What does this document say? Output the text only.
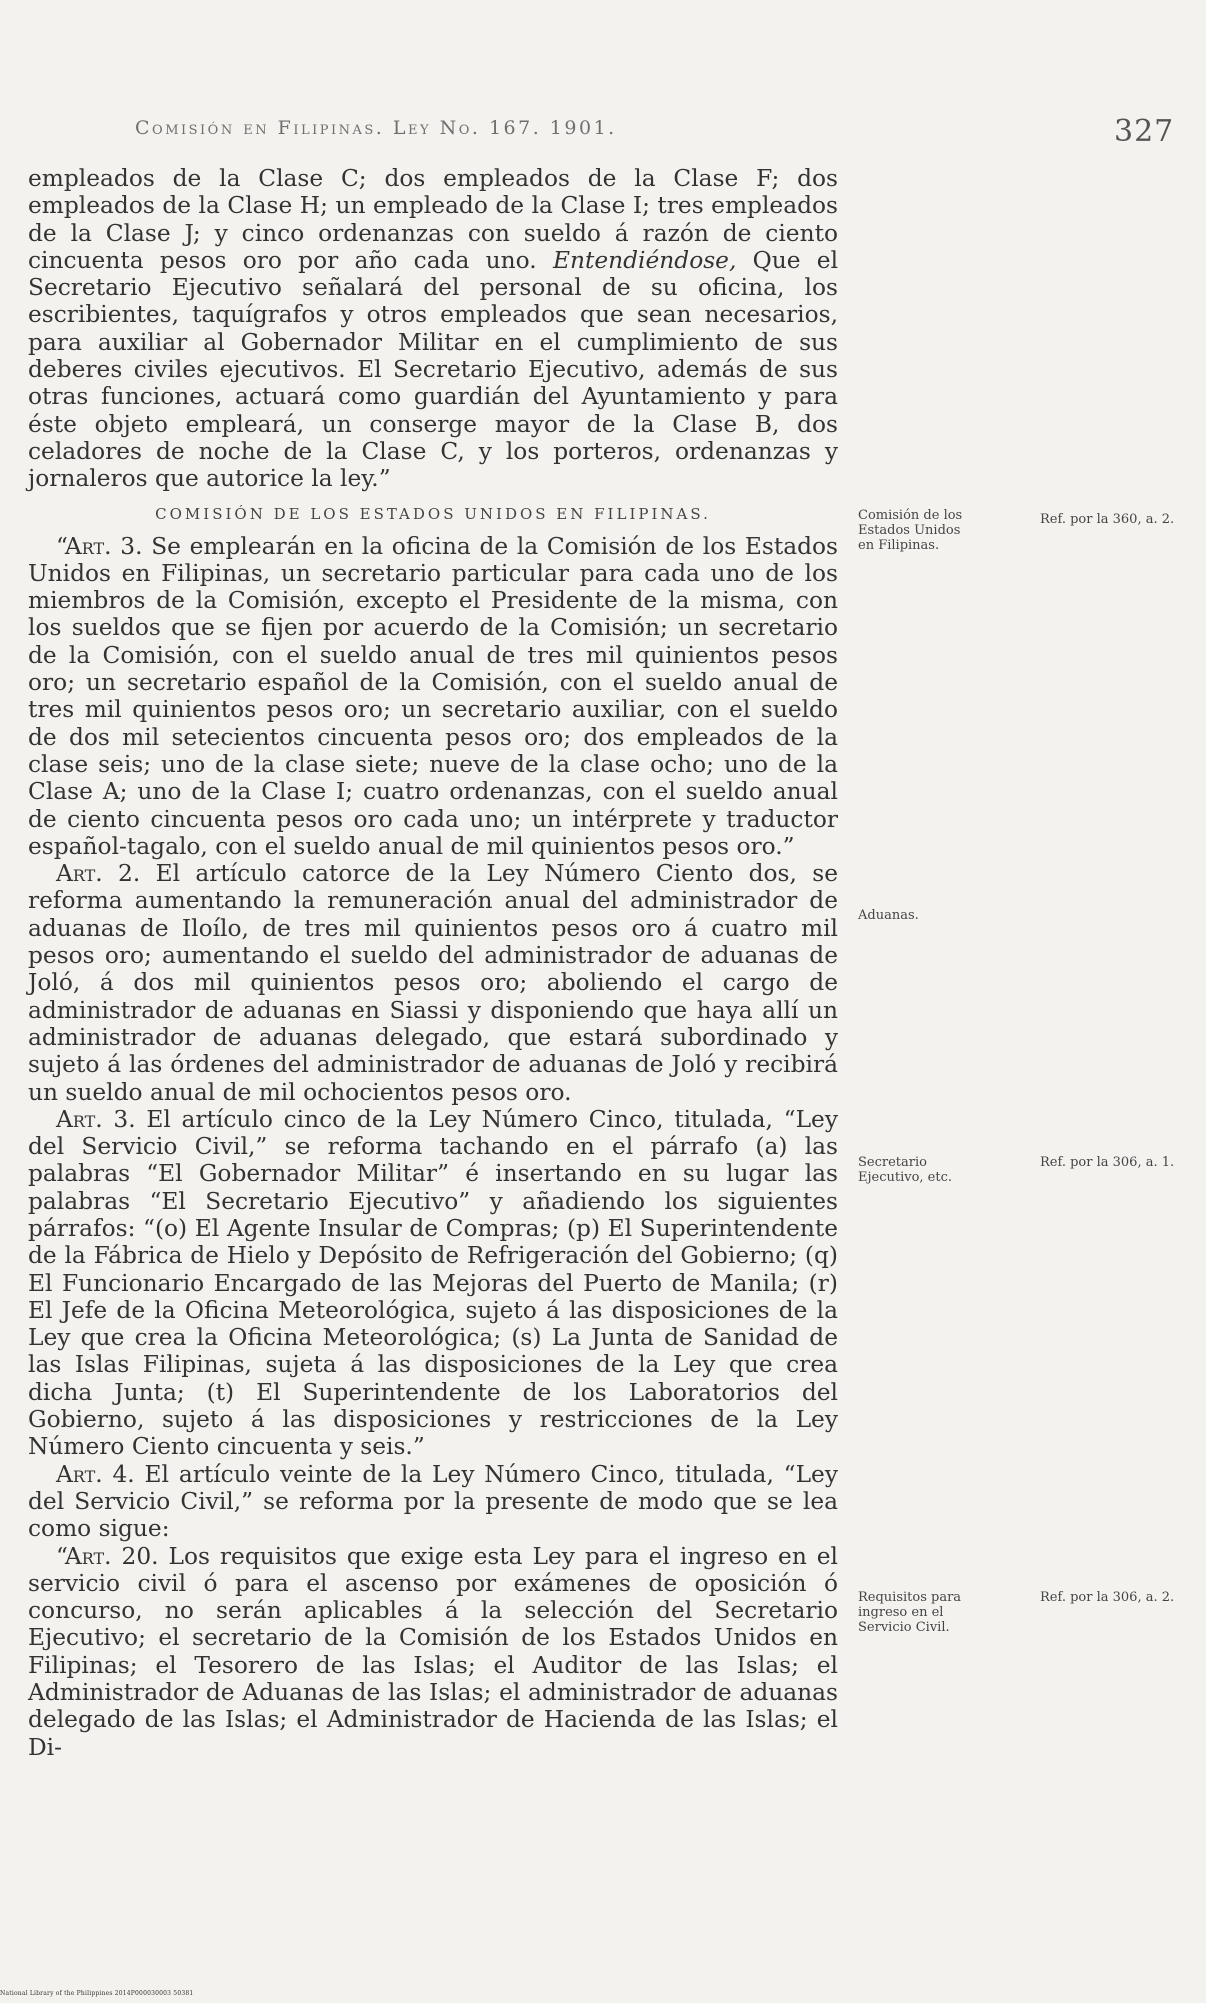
Comisión en Filipinas. Ley No. 167. 1901.	327

empleados de la Clase C; dos empleados de la Clase F; dos empleados de la Clase H; un empleado de la Clase I; tres empleados de la Clase J; y cinco ordenanzas con sueldo á razón de ciento cincuenta pesos oro por año cada uno. Entendiéndose, Que el Secretario Ejecutivo señalará del personal de su oficina, los escribientes, taquígrafos y otros empleados que sean necesarios, para auxiliar al Gobernador Militar en el cumplimiento de sus deberes civiles ejecutivos. El Secretario Ejecutivo, además de sus otras funciones, actuará como guardián del Ayuntamiento y para éste objeto empleará, un conserge mayor de la Clase B, dos celadores de noche de la Clase C, y los porteros, ordenanzas y jornaleros que autorice la ley.”

COMISIÓN DE LOS ESTADOS UNIDOS EN FILIPINAS.

“Art. 3. Se emplearán en la oficina de la Comisión de los Estados Unidos en Filipinas, un secretario particular para cada uno de los miembros de la Comisión, excepto el Presidente de la misma, con los sueldos que se fijen por acuerdo de la Comisión; un secretario de la Comisión, con el sueldo anual de tres mil quinientos pesos oro; un secretario español de la Comisión, con el sueldo anual de tres mil quinientos pesos oro; un secretario auxiliar, con el sueldo de dos mil setecientos cincuenta pesos oro; dos empleados de la clase seis; uno de la clase siete; nueve de la clase ocho; uno de la Clase A; uno de la Clase I; cuatro ordenanzas, con el sueldo anual de ciento cincuenta pesos oro cada uno; un intérprete y traductor español-tagalo, con el sueldo anual de mil quinientos pesos oro.”

Art. 2. El artículo catorce de la Ley Número Ciento dos, se reforma aumentando la remuneración anual del administrador de aduanas de Iloílo, de tres mil quinientos pesos oro á cuatro mil pesos oro; aumentando el sueldo del administrador de aduanas de Joló, á dos mil quinientos pesos oro; aboliendo el cargo de administrador de aduanas en Siassi y disponiendo que haya allí un administrador de aduanas delegado, que estará subordinado y sujeto á las órdenes del administrador de aduanas de Joló y recibirá un sueldo anual de mil ochocientos pesos oro.

Art. 3. El artículo cinco de la Ley Número Cinco, titulada, “Ley del Servicio Civil,” se reforma tachando en el párrafo (a) las palabras “El Gobernador Militar” é insertando en su lugar las palabras “El Secretario Ejecutivo” y añadiendo los siguientes párrafos: “(o) El Agente Insular de Compras; (p) El Superintendente de la Fábrica de Hielo y Depósito de Refrigeración del Gobierno; (q) El Funcionario Encargado de las Mejoras del Puerto de Manila; (r) El Jefe de la Oficina Meteorológica, sujeto á las disposiciones de la Ley que crea la Oficina Meteorológica; (s) La Junta de Sanidad de las Islas Filipinas, sujeta á las disposiciones de la Ley que crea dicha Junta; (t) El Superintendente de los Laboratorios del Gobierno, sujeto á las disposiciones y restricciones de la Ley Número Ciento cincuenta y seis.”

Art. 4. El artículo veinte de la Ley Número Cinco, titulada, “Ley del Servicio Civil,” se reforma por la presente de modo que se lea como sigue:

“Art. 20. Los requisitos que exige esta Ley para el ingreso en el servicio civil ó para el ascenso por exámenes de oposición ó concurso, no serán aplicables á la selección del Secretario Ejecutivo; el secretario de la Comisión de los Estados Unidos en Filipinas; el Tesorero de las Islas; el Auditor de las Islas; el Administrador de Aduanas de las Islas; el administrador de aduanas delegado de las Islas; el Administrador de Hacienda de las Islas; el Di-

Comisión de los Estados Unidos en Filipinas.
Ref. por la 360, a. 2.
Aduanas.
Secretario Ejecutivo, etc.
Ref. por la 306, a. 1.
Requisitos para ingreso en el Servicio Civil.
Ref. por la 306, a. 2.
National Library of the Philippines 2014P000030003 50381
